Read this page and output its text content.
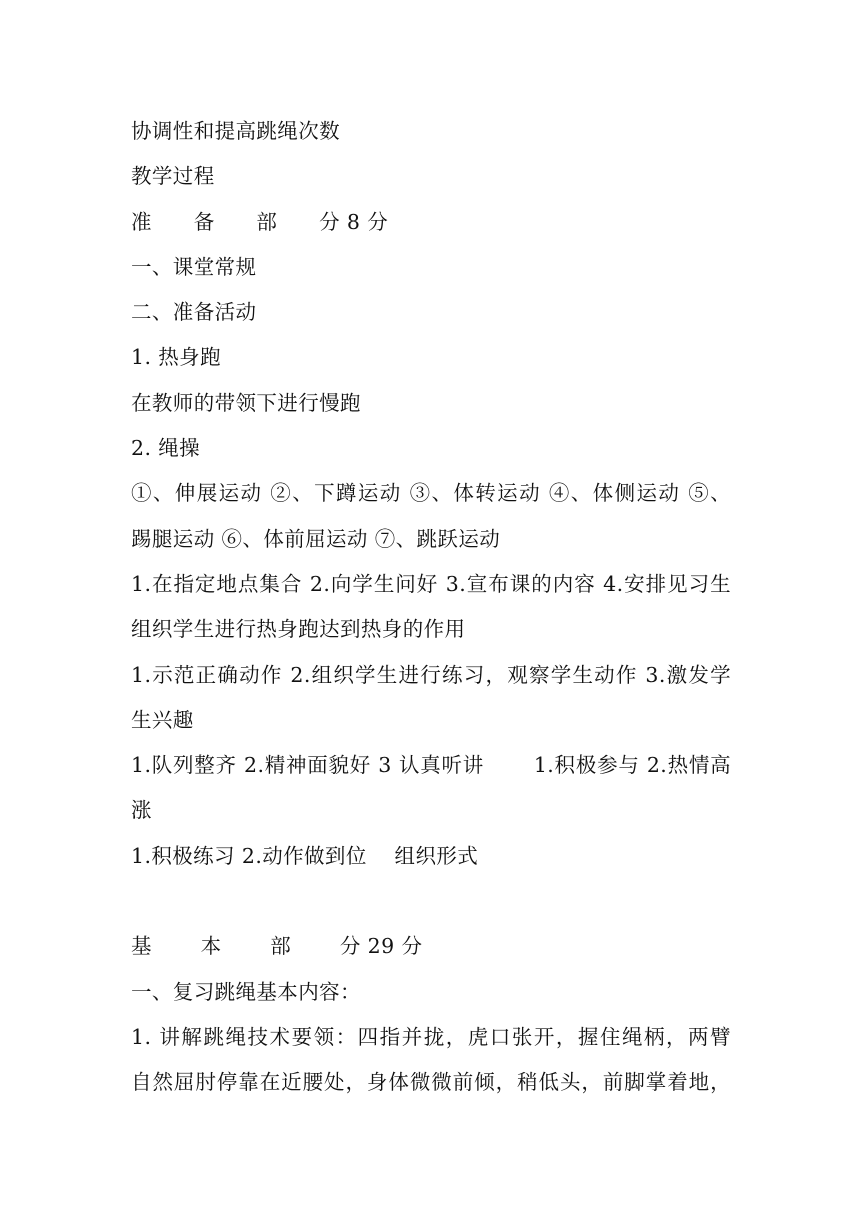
协调性和提高跳绳次数
教学过程
准　　备　　部　　分 8 分
一、课堂常规
二、准备活动
1. 热身跑
在教师的带领下进行慢跑
2. 绳操
①、伸展运动 ②、下蹲运动 ③、体转运动 ④、体侧运动 ⑤、
踢腿运动 ⑥、体前屈运动 ⑦、跳跃运动
1.在指定地点集合 2.向学生问好 3.宣布课的内容 4.安排见习生
组织学生进行热身跑达到热身的作用
1.示范正确动作 2.组织学生进行练习，观察学生动作 3.激发学
生兴趣
1.队列整齐 2.精神面貌好 3 认真听讲　　 1.积极参与 2.热情高
涨
1.积极练习 2.动作做到位　 组织形式
基　　 本　　 部　　 分 29 分
一、复习跳绳基本内容：
1. 讲解跳绳技术要领：四指并拢，虎口张开，握住绳柄，两臂
自然屈肘停靠在近腰处，身体微微前倾，稍低头，前脚掌着地，
